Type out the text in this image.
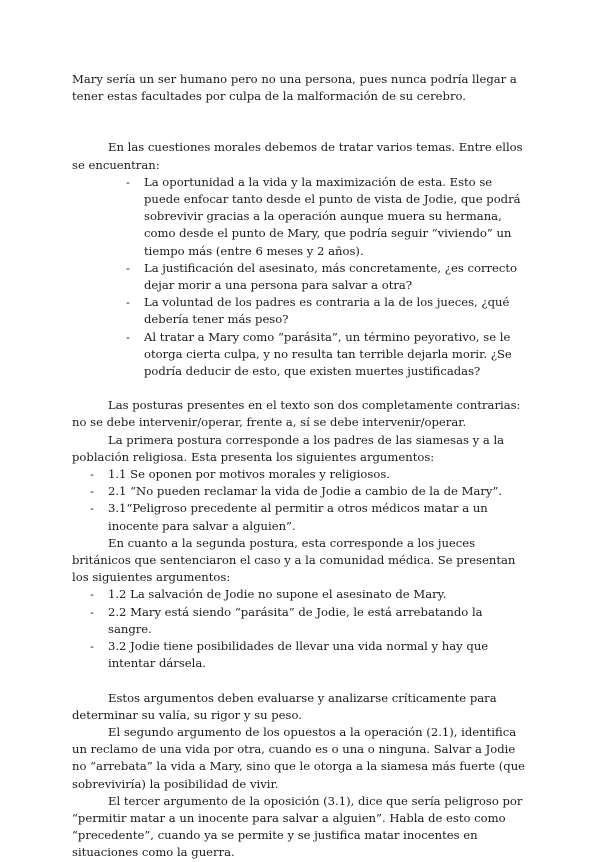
Mary sería un ser humano pero no una persona, pues nunca podría llegar a tener estas facultades por culpa de la malformación de su cerebro.

En las cuestiones morales debemos de tratar varios temas. Entre ellos se encuentran:

- La oportunidad a la vida y la maximización de esta. Esto se puede enfocar tanto desde el punto de vista de Jodie, que podrá sobrevivir gracias a la operación aunque muera su hermana, como desde el punto de Mary, que podría seguir “viviendo” un tiempo más (entre 6 meses y 2 años).
- La justificación del asesinato, más concretamente, ¿es correcto dejar morir a una persona para salvar a otra?
- La voluntad de los padres es contraria a la de los jueces, ¿qué debería tener más peso?
- Al tratar a Mary como “parásita”, un término peyorativo, se le otorga cierta culpa, y no resulta tan terrible dejarla morir. ¿Se podría deducir de esto, que existen muertes justificadas?

Las posturas presentes en el texto son dos completamente contrarias: no se debe intervenir/operar, frente a, sí se debe intervenir/operar.

La primera postura corresponde a los padres de las siamesas y a la población religiosa. Esta presenta los siguientes argumentos:

- 1.1 Se oponen por motivos morales y religiosos.
- 2.1 “No pueden reclamar la vida de Jodie a cambio de la de Mary”.
- 3.1“Peligroso precedente al permitir a otros médicos matar a un inocente para salvar a alguien”.

En cuanto a la segunda postura, esta corresponde a los jueces británicos que sentenciaron el caso y a la comunidad médica. Se presentan los siguientes argumentos:

- 1.2 La salvación de Jodie no supone el asesinato de Mary.
- 2.2 Mary está siendo “parásita” de Jodie, le está arrebatando la sangre.
- 3.2 Jodie tiene posibilidades de llevar una vida normal y hay que intentar dársela.

Estos argumentos deben evaluarse y analizarse críticamente para determinar su valía, su rigor y su peso.

El segundo argumento de los opuestos a la operación (2.1), identifica un reclamo de una vida por otra, cuando es o una o ninguna. Salvar a Jodie no “arrebata” la vida a Mary, sino que le otorga a la siamesa más fuerte (que sobreviviría) la posibilidad de vivir.

El tercer argumento de la oposición (3.1), dice que sería peligroso por “permitir matar a un inocente para salvar a alguien”. Habla de esto como “precedente”, cuando ya se permite y se justifica matar inocentes en situaciones como la guerra.
